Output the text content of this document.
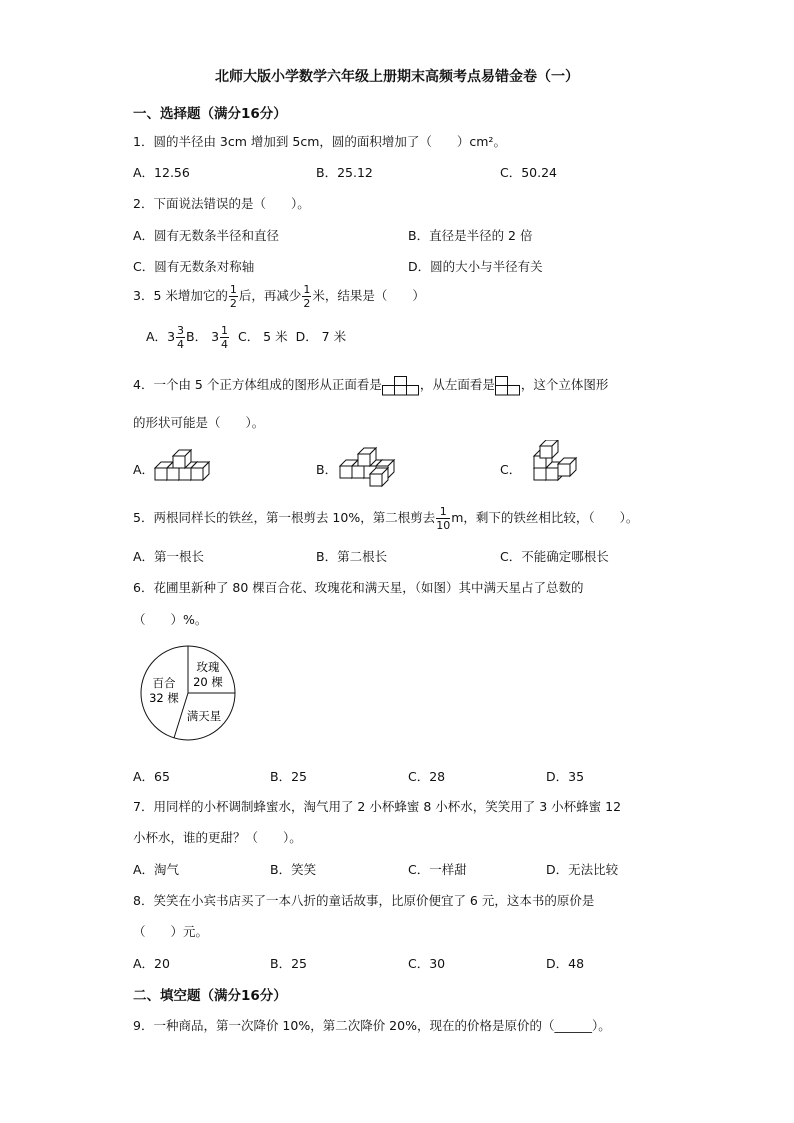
北师大版小学数学六年级上册期末高频考点易错金卷（一）
一、选择题（满分16分）
1．圆的半径由 3cm 增加到 5cm，圆的面积增加了（　　）cm²。
A．12.56	B．25.12	C．50.24
2．下面说法错误的是（　　）。
A．圆有无数条半径和直径	B．直径是半径的 2 倍
C．圆有无数条对称轴	D．圆的大小与半径有关
3．5 米增加它的 $\frac{1}{2}$ 后，再减少 $\frac{1}{2}$ 米，结果是（　　）
A．$3 \frac{3}{4}$ B． $3 \frac{1}{4}$ C． 5 米 D． 7 米
4．一个由 5 个正方体组成的图形从正面看是	，从左面看是 ，这个立体图形
的形状可能是（　　）。
A．	B．	C．
5．两根同样长的铁丝，第一根剪去 10%，第二根剪去 $\frac{1}{10}$ m，剩下的铁丝相比较，（　　）。
A．第一根长	B．第二根长	C．不能确定哪根长
6．花圃里新种了 80 棵百合花、玫瑰花和满天星，（如图）其中满天星占了总数的
（　　）%。
百合
32 棵
玫瑰
20 棵
满天星
A．65	B．25	C．28	D．35
7．用同样的小杯调制蜂蜜水，淘气用了 2 小杯蜂蜜 8 小杯水，笑笑用了 3 小杯蜂蜜 12
小杯水，谁的更甜？（　　）。
A．淘气	B．笑笑	C．一样甜	D．无法比较
8．笑笑在小宾书店买了一本八折的童话故事，比原价便宜了 6 元，这本书的原价是
（　　）元。
A．20	B．25	C．30	D．48
二、填空题（满分16分）
9．一种商品，第一次降价 10%，第二次降价 20%，现在的价格是原价的（______）。
